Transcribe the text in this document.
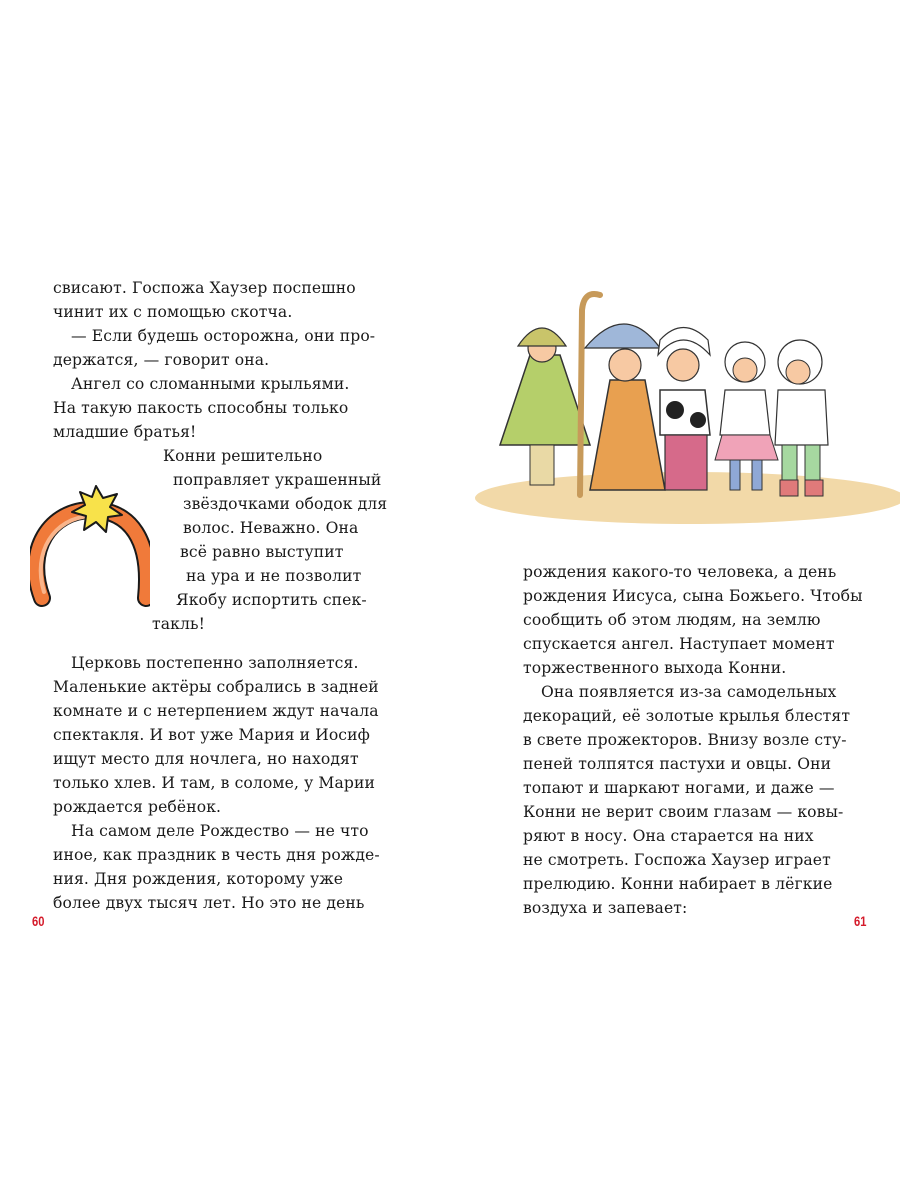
свисают. Госпожа Хаузер поспешно
чинит их с помощью скотча.
— Если будешь осторожна, они про-
держатся, — говорит она.
Ангел со сломанными крыльями.
На такую пакость способны только
младшие братья!
Конни решительно
поправляет украшенный
звёздочками ободок для
волос. Неважно. Она
всё равно выступит
на ура и не позволит
Якобу испортить спек-
такль!
Церковь постепенно заполняется.
Маленькие актёры собрались в задней
комнате и с нетерпением ждут начала
спектакля. И вот уже Мария и Иосиф
ищут место для ночлега, но находят
только хлев. И там, в соломе, у Марии
рождается ребёнок.
На самом деле Рождество — не что
иное, как праздник в честь дня рожде-
ния. Дня рождения, которому уже
более двух тысяч лет. Но это не день
60
рождения какого-то человека, а день
рождения Иисуса, сына Божьего. Чтобы
сообщить об этом людям, на землю
спускается ангел. Наступает момент
торжественного выхода Конни.
Она появляется из-за самодельных
декораций, её золотые крылья блестят
в свете прожекторов. Внизу возле сту-
пеней толпятся пастухи и овцы. Они
топают и шаркают ногами, и даже —
Конни не верит своим глазам — ковы-
ряют в носу. Она старается на них
не смотреть. Госпожа Хаузер играет
прелюдию. Конни набирает в лёгкие
воздуха и запевает:
61
